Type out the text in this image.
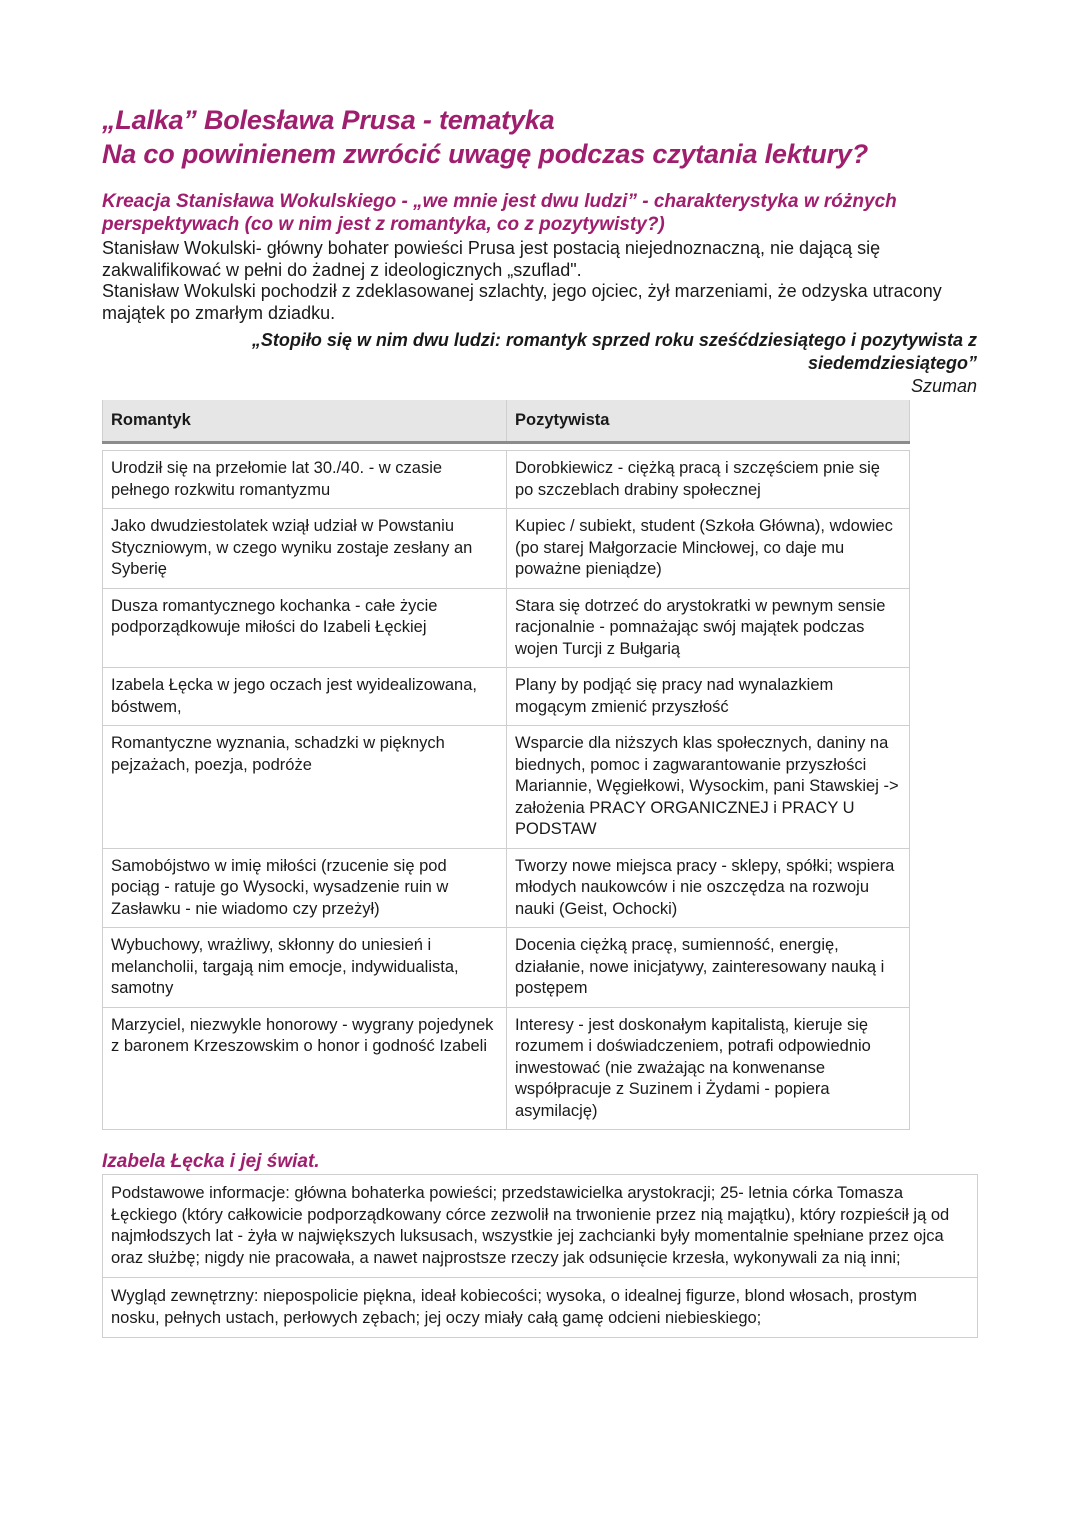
„Lalka” Bolesława Prusa - tematyka
Na co powinienem zwrócić uwagę podczas czytania lektury?
Kreacja Stanisława Wokulskiego - „we mnie jest dwu ludzi” - charakterystyka w różnych perspektywach (co w nim jest z romantyka, co z pozytywisty?)

Stanisław Wokulski- główny bohater powieści Prusa jest postacią niejednoznaczną, nie dającą się zakwalifikować w pełni do żadnej z ideologicznych „szuflad".

Stanisław Wokulski pochodził z zdeklasowanej szlachty, jego ojciec, żył marzeniami, że odzyska utracony majątek po zmarłym dziadku.

„Stopiło się w nim dwu ludzi: romantyk sprzed roku sześćdziesiątego i pozytywista z siedemdziesiątego”

Szuman
Romantyk	Pozytywista

Urodził się na przełomie lat 30./40. - w czasie pełnego rozkwitu romantyzmu	Dorobkiewicz - ciężką pracą i szczęściem pnie się po szczeblach drabiny społecznej
Jako dwudziestolatek wziął udział w Powstaniu Styczniowym, w czego wyniku zostaje zesłany an Syberię	Kupiec / subiekt, student (Szkoła Główna), wdowiec (po starej Małgorzacie Mincłowej, co daje mu poważne pieniądze)
Dusza romantycznego kochanka - całe życie podporządkowuje miłości do Izabeli Łęckiej	Stara się dotrzeć do arystokratki w pewnym sensie racjonalnie - pomnażając swój majątek podczas wojen Turcji z Bułgarią
Izabela Łęcka w jego oczach jest wyidealizowana, bóstwem,	Plany by podjąć się pracy nad wynalazkiem mogącym zmienić przyszłość
Romantyczne wyznania, schadzki w pięknych pejzażach, poezja, podróże	Wsparcie dla niższych klas społecznych, daniny na biednych, pomoc i zagwarantowanie przyszłości Mariannie, Węgiełkowi, Wysockim, pani Stawskiej -> założenia PRACY ORGANICZNEJ i PRACY U PODSTAW
Samobójstwo w imię miłości (rzucenie się pod pociąg - ratuje go Wysocki, wysadzenie ruin w Zasławku - nie wiadomo czy przeżył)	Tworzy nowe miejsca pracy - sklepy, spółki; wspiera młodych naukowców i nie oszczędza na rozwoju nauki (Geist, Ochocki)
Wybuchowy, wrażliwy, skłonny do uniesień i melancholii, targają nim emocje, indywidualista, samotny	Docenia ciężką pracę, sumienność, energię, działanie, nowe inicjatywy, zainteresowany nauką i postępem
Marzyciel, niezwykle honorowy - wygrany pojedynek z baronem Krzeszowskim o honor i godność Izabeli	Interesy - jest doskonałym kapitalistą, kieruje się rozumem i doświadczeniem, potrafi odpowiednio inwestować (nie zważając na konwenanse współpracuje z Suzinem i Żydami - popiera asymilację)
Izabela Łęcka i jej świat.
Podstawowe informacje: główna bohaterka powieści; przedstawicielka arystokracji; 25- letnia córka Tomasza Łęckiego (który całkowicie podporządkowany córce zezwolił na trwonienie przez nią majątku), który rozpieścił ją od najmłodszych lat - żyła w największych luksusach, wszystkie jej zachcianki były momentalnie spełniane przez ojca oraz służbę; nigdy nie pracowała, a nawet najprostsze rzeczy jak odsunięcie krzesła, wykonywali za nią inni;
Wygląd zewnętrzny: niepospolicie piękna, ideał kobiecości; wysoka, o idealnej figurze, blond włosach, prostym nosku, pełnych ustach, perłowych zębach; jej oczy miały całą gamę odcieni niebieskiego;
